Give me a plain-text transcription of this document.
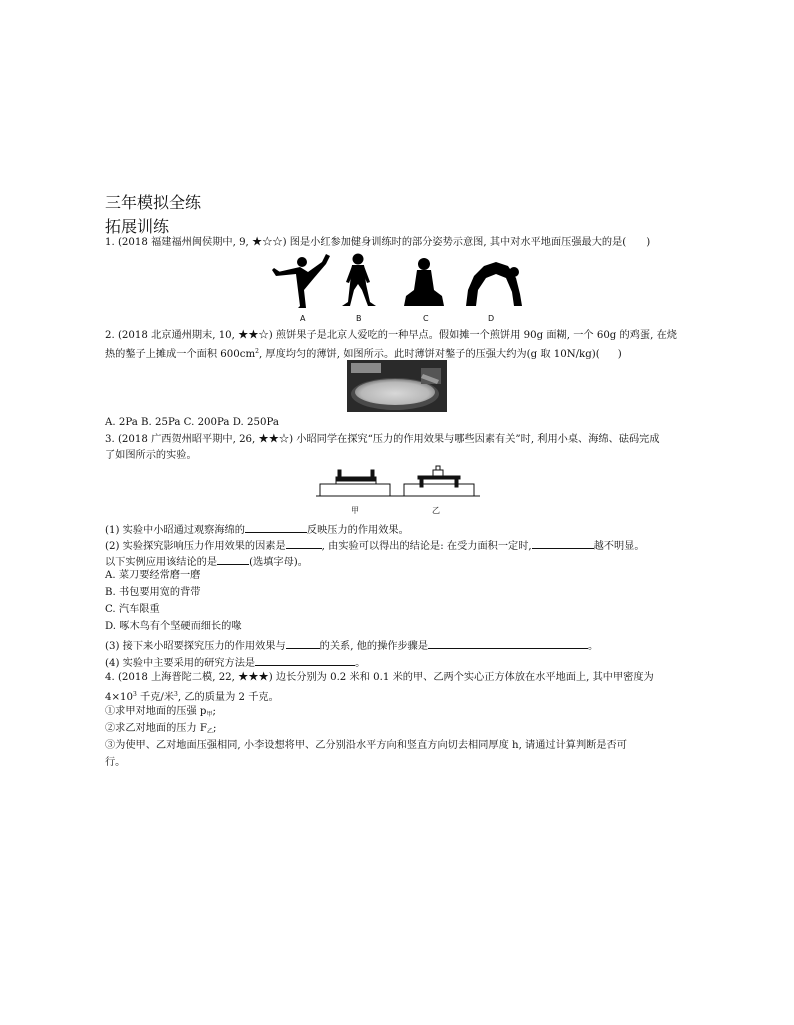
三年模拟全练
拓展训练
1. (2018 福建福州闽侯期中, 9, ★☆☆) 图是小红参加健身训练时的部分姿势示意图, 其中对水平地面压强最大的是( )
A	B	C	D
2. (2018 北京通州期末, 10, ★★☆) 煎饼果子是北京人爱吃的一种早点。假如摊一个煎饼用 90g 面糊, 一个 60g 的鸡蛋, 在烧
热的鏊子上摊成一个面积 $600cm^2$, 厚度均匀的薄饼, 如图所示。此时薄饼对鏊子的压强大约为(g 取 10N/kg)( )
A. 2Pa B. 25Pa C. 200Pa D. 250Pa
3. (2018 广西贺州昭平期中, 26, ★★☆) 小昭同学在探究“压力的作用效果与哪些因素有关”时, 利用小桌、海绵、砝码完成
了如图所示的实验。
甲	乙
(1) 实验中小昭通过观察海绵的	反映压力的作用效果。
(2) 实验探究影响压力作用效果的因素是	, 由实验可以得出的结论是: 在受力面积一定时,	越不明显。
以下实例应用该结论的是	(选填字母)。
A. 菜刀要经常磨一磨
B. 书包要用宽的背带
C. 汽车限重
D. 啄木鸟有个坚硬而细长的喙
(3) 接下来小昭要探究压力的作用效果与	的关系, 他的操作步骤是	。
(4) 实验中主要采用的研究方法是	。
4. (2018 上海普陀二模, 22, ★★★) 边长分别为 0.2 米和 0.1 米的甲、乙两个实心正方体放在水平地面上, 其中甲密度为
$4\times 10^3$ 千克/米$^3$, 乙的质量为 2 千克。
①求甲对地面的压强 $p_甲$;
②求乙对地面的压力 $F_乙$;
③为使甲、乙对地面压强相同, 小李设想将甲、乙分别沿水平方向和竖直方向切去相同厚度 h, 请通过计算判断是否可
行。
